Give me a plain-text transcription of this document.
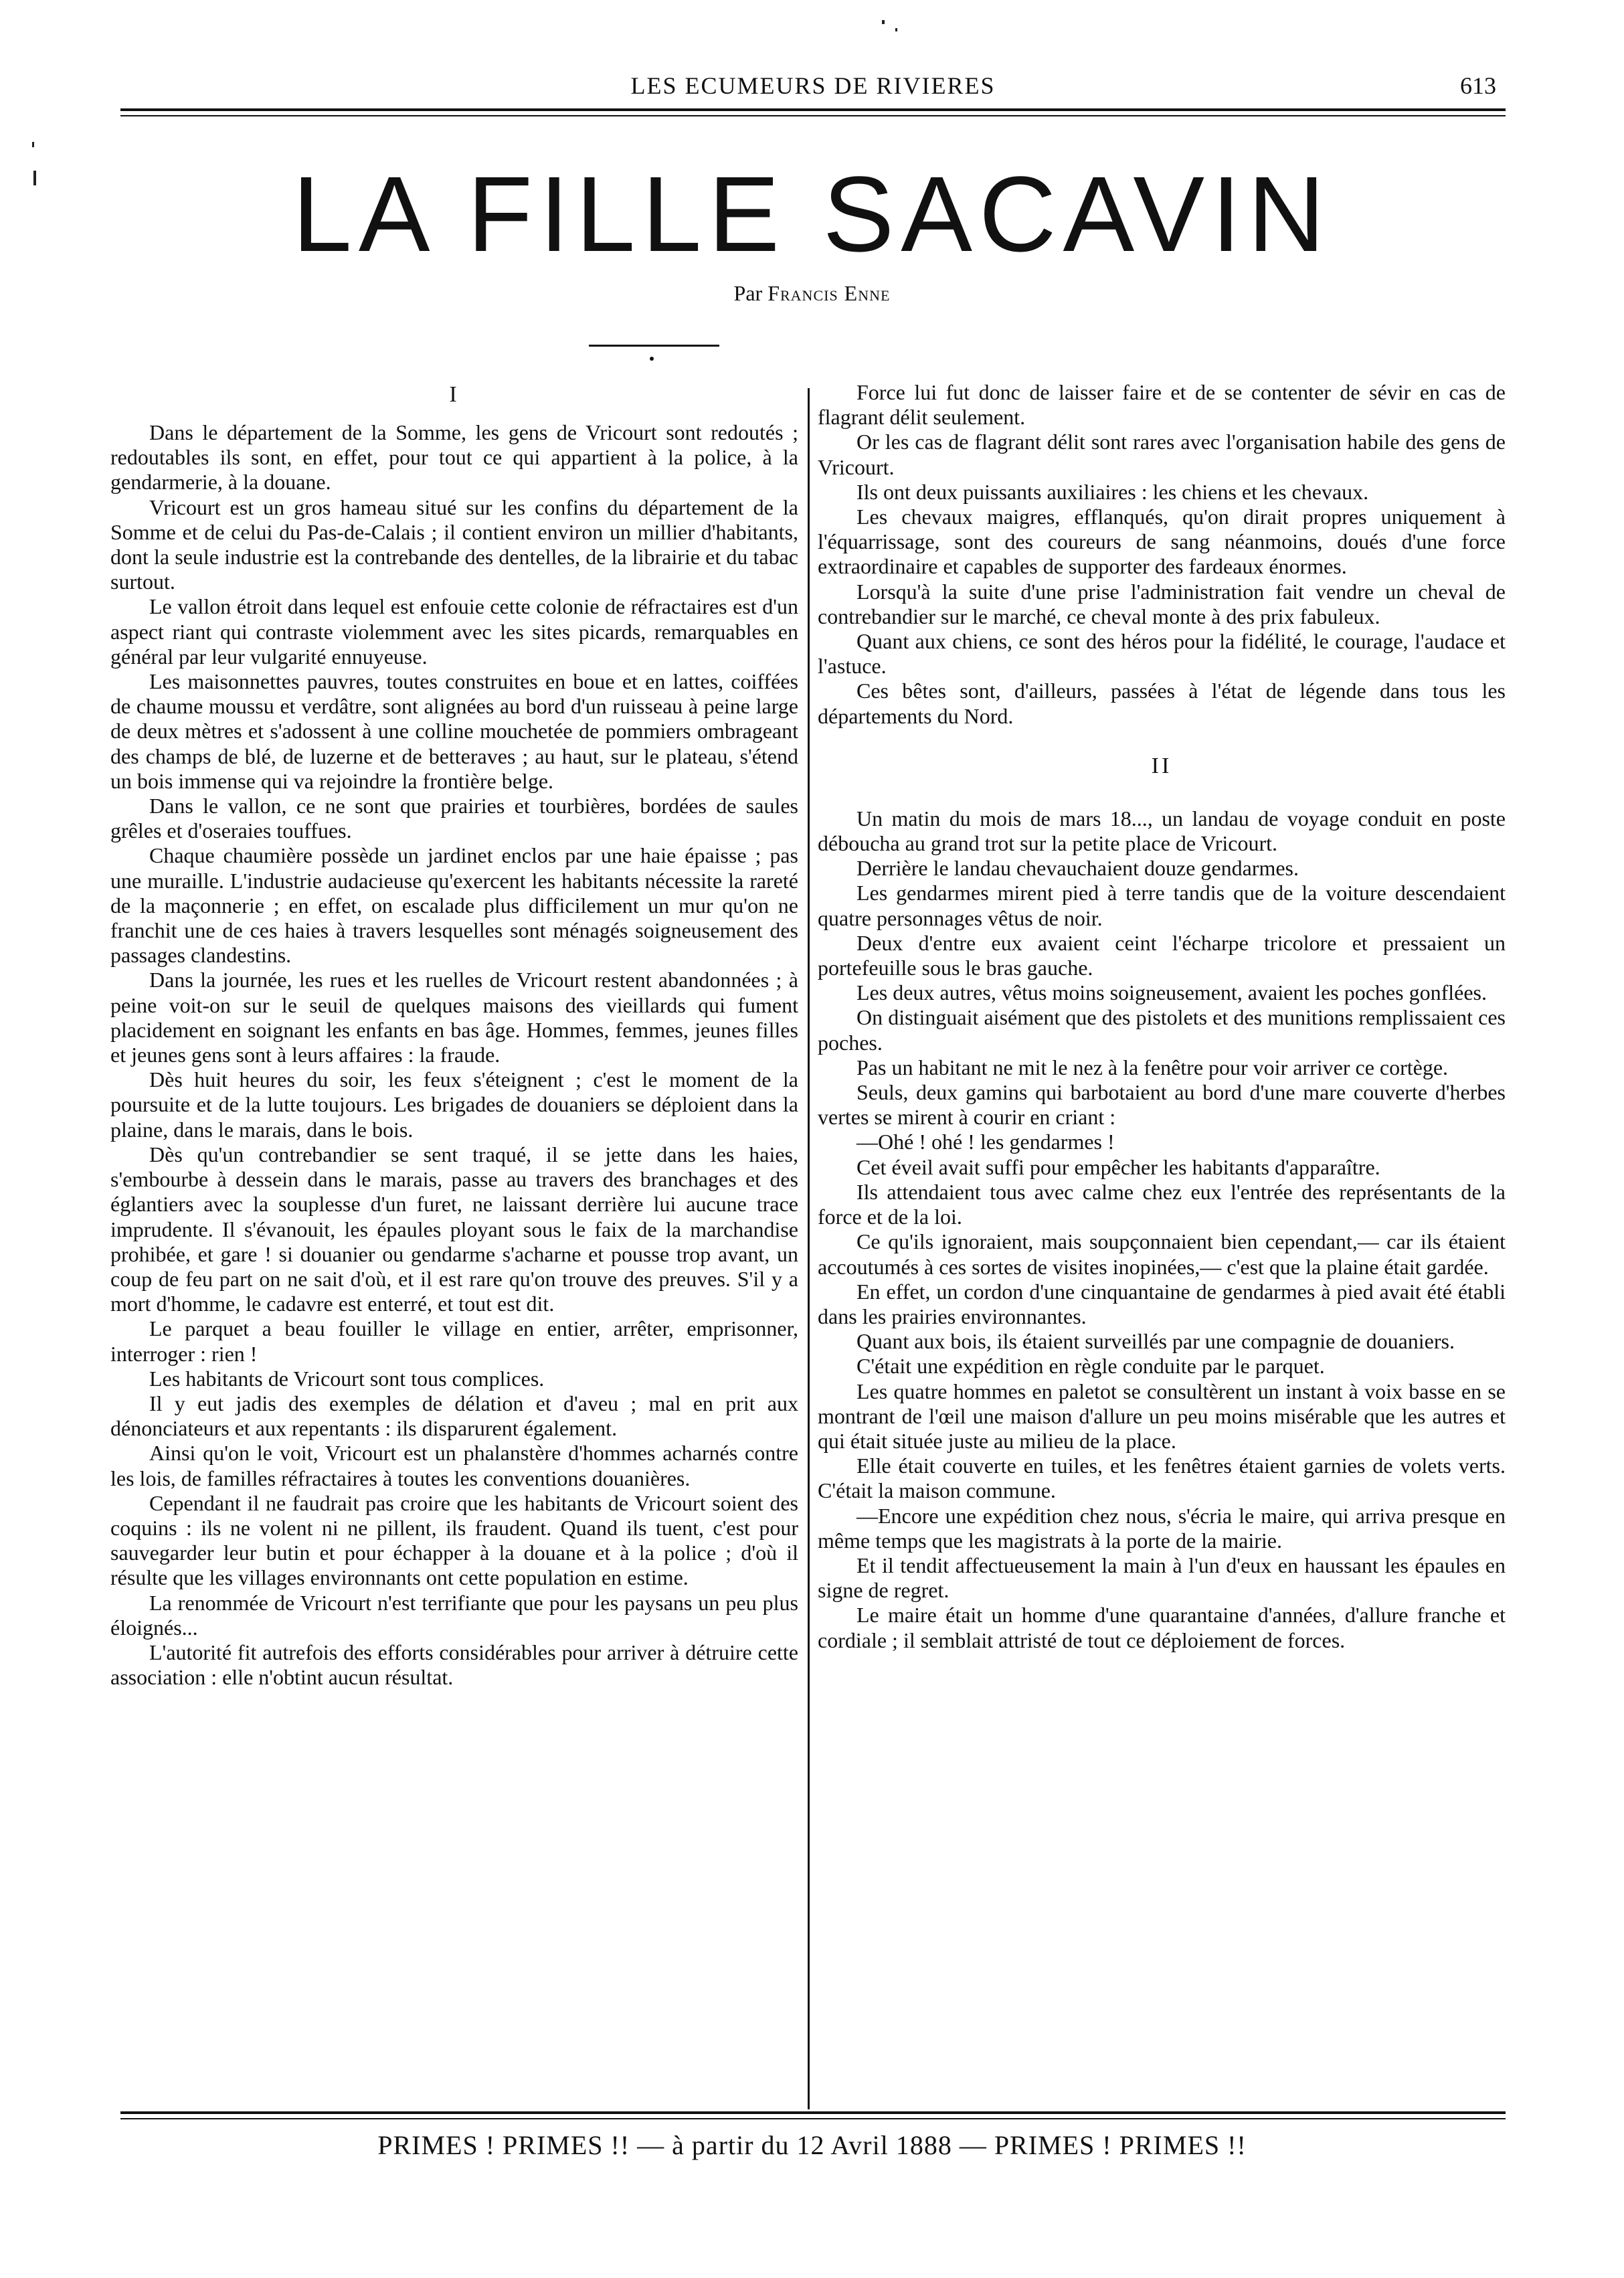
LES ECUMEURS DE RIVIERES	613
LA FILLE SACAVIN
Par Francis Enne
I

Dans le département de la Somme, les gens de Vricourt sont redoutés ; redoutables ils sont, en effet, pour tout ce qui appartient à la police, à la gendarmerie, à la douane.

Vricourt est un gros hameau situé sur les confins du département de la Somme et de celui du Pas-de-Calais ; il contient environ un millier d'habitants, dont la seule industrie est la contrebande des dentelles, de la librairie et du tabac surtout.

Le vallon étroit dans lequel est enfouie cette colonie de réfractaires est d'un aspect riant qui contraste violemment avec les sites picards, remarquables en général par leur vulgarité ennuyeuse.

Les maisonnettes pauvres, toutes construites en boue et en lattes, coiffées de chaume moussu et verdâtre, sont alignées au bord d'un ruisseau à peine large de deux mètres et s'adossent à une colline mouchetée de pommiers ombrageant des champs de blé, de luzerne et de betteraves ; au haut, sur le plateau, s'étend un bois immense qui va rejoindre la frontière belge.

Dans le vallon, ce ne sont que prairies et tourbières, bordées de saules grêles et d'oseraies touffues.

Chaque chaumière possède un jardinet enclos par une haie épaisse ; pas une muraille. L'industrie audacieuse qu'exercent les habitants nécessite la rareté de la maçonnerie ; en effet, on escalade plus difficilement un mur qu'on ne franchit une de ces haies à travers lesquelles sont ménagés soigneusement des passages clandestins.

Dans la journée, les rues et les ruelles de Vricourt restent abandonnées ; à peine voit-on sur le seuil de quelques maisons des vieillards qui fument placidement en soignant les enfants en bas âge. Hommes, femmes, jeunes filles et jeunes gens sont à leurs affaires : la fraude.

Dès huit heures du soir, les feux s'éteignent ; c'est le moment de la poursuite et de la lutte toujours. Les brigades de douaniers se déploient dans la plaine, dans le marais, dans le bois.

Dès qu'un contrebandier se sent traqué, il se jette dans les haies, s'embourbe à dessein dans le marais, passe au travers des branchages et des églantiers avec la souplesse d'un furet, ne laissant derrière lui aucune trace imprudente. Il s'évanouit, les épaules ployant sous le faix de la marchandise prohibée, et gare ! si douanier ou gendarme s'acharne et pousse trop avant, un coup de feu part on ne sait d'où, et il est rare qu'on trouve des preuves. S'il y a mort d'homme, le cadavre est enterré, et tout est dit.

Le parquet a beau fouiller le village en entier, arrêter, emprisonner, interroger : rien !

Les habitants de Vricourt sont tous complices.

Il y eut jadis des exemples de délation et d'aveu ; mal en prit aux dénonciateurs et aux repentants : ils disparurent également.

Ainsi qu'on le voit, Vricourt est un phalanstère d'hommes acharnés contre les lois, de familles réfractaires à toutes les conventions douanières.

Cependant il ne faudrait pas croire que les habitants de Vricourt soient des coquins : ils ne volent ni ne pillent, ils fraudent. Quand ils tuent, c'est pour sauvegarder leur butin et pour échapper à la douane et à la police ; d'où il résulte que les villages environnants ont cette population en estime.

La renommée de Vricourt n'est terrifiante que pour les paysans un peu plus éloignés...

L'autorité fit autrefois des efforts considérables pour arriver à détruire cette association : elle n'obtint aucun résultat.

Force lui fut donc de laisser faire et de se contenter de sévir en cas de flagrant délit seulement.

Or les cas de flagrant délit sont rares avec l'organisation habile des gens de Vricourt.

Ils ont deux puissants auxiliaires : les chiens et les chevaux.

Les chevaux maigres, efflanqués, qu'on dirait propres uniquement à l'équarrissage, sont des coureurs de sang néanmoins, doués d'une force extraordinaire et capables de supporter des fardeaux énormes.

Lorsqu'à la suite d'une prise l'administration fait vendre un cheval de contrebandier sur le marché, ce cheval monte à des prix fabuleux.

Quant aux chiens, ce sont des héros pour la fidélité, le courage, l'audace et l'astuce.

Ces bêtes sont, d'ailleurs, passées à l'état de légende dans tous les départements du Nord.

II

Un matin du mois de mars 18..., un landau de voyage conduit en poste déboucha au grand trot sur la petite place de Vricourt.

Derrière le landau chevauchaient douze gendarmes.

Les gendarmes mirent pied à terre tandis que de la voiture descendaient quatre personnages vêtus de noir.

Deux d'entre eux avaient ceint l'écharpe tricolore et pressaient un portefeuille sous le bras gauche.

Les deux autres, vêtus moins soigneusement, avaient les poches gonflées.

On distinguait aisément que des pistolets et des munitions remplissaient ces poches.

Pas un habitant ne mit le nez à la fenêtre pour voir arriver ce cortège.

Seuls, deux gamins qui barbotaient au bord d'une mare couverte d'herbes vertes se mirent à courir en criant :

—Ohé ! ohé ! les gendarmes !

Cet éveil avait suffi pour empêcher les habitants d'apparaître.

Ils attendaient tous avec calme chez eux l'entrée des représentants de la force et de la loi.

Ce qu'ils ignoraient, mais soupçonnaient bien cependant,— car ils étaient accoutumés à ces sortes de visites inopinées,— c'est que la plaine était gardée.

En effet, un cordon d'une cinquantaine de gendarmes à pied avait été établi dans les prairies environnantes.

Quant aux bois, ils étaient surveillés par une compagnie de douaniers.

C'était une expédition en règle conduite par le parquet.

Les quatre hommes en paletot se consultèrent un instant à voix basse en se montrant de l'œil une maison d'allure un peu moins misérable que les autres et qui était située juste au milieu de la place.

Elle était couverte en tuiles, et les fenêtres étaient garnies de volets verts. C'était la maison commune.

—Encore une expédition chez nous, s'écria le maire, qui arriva presque en même temps que les magistrats à la porte de la mairie.

Et il tendit affectueusement la main à l'un d'eux en haussant les épaules en signe de regret.

Le maire était un homme d'une quarantaine d'années, d'allure franche et cordiale ; il semblait attristé de tout ce déploiement de forces.

PRIMES ! PRIMES !! — à partir du 12 Avril 1888 — PRIMES ! PRIMES !!
